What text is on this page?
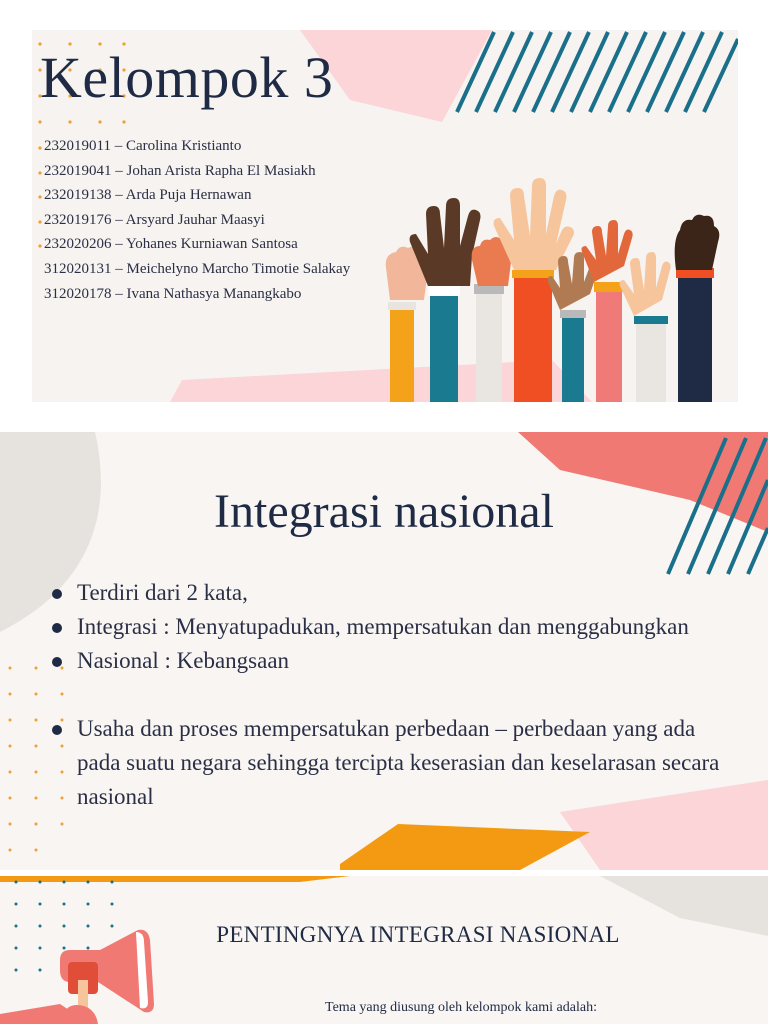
Kelompok 3
232019011 – Carolina Kristianto
232019041 – Johan Arista Rapha El Masiakh
232019138 – Arda Puja Hernawan
232019176 – Arsyard Jauhar Maasyi
232020206 – Yohanes Kurniawan Santosa
312020131 – Meichelyno Marcho Timotie Salakay
312020178 – Ivana Nathasya Manangkabo
Integrasi nasional
Terdiri dari 2 kata,
Integrasi : Menyatupadukan, mempersatukan dan menggabungkan
Nasional : Kebangsaan
Usaha dan proses mempersatukan perbedaan – perbedaan yang ada pada suatu negara sehingga tercipta keserasian dan keselarasan secara nasional
PENTINGNYA INTEGRASI NASIONAL
Tema yang diusung oleh kelompok kami adalah:
